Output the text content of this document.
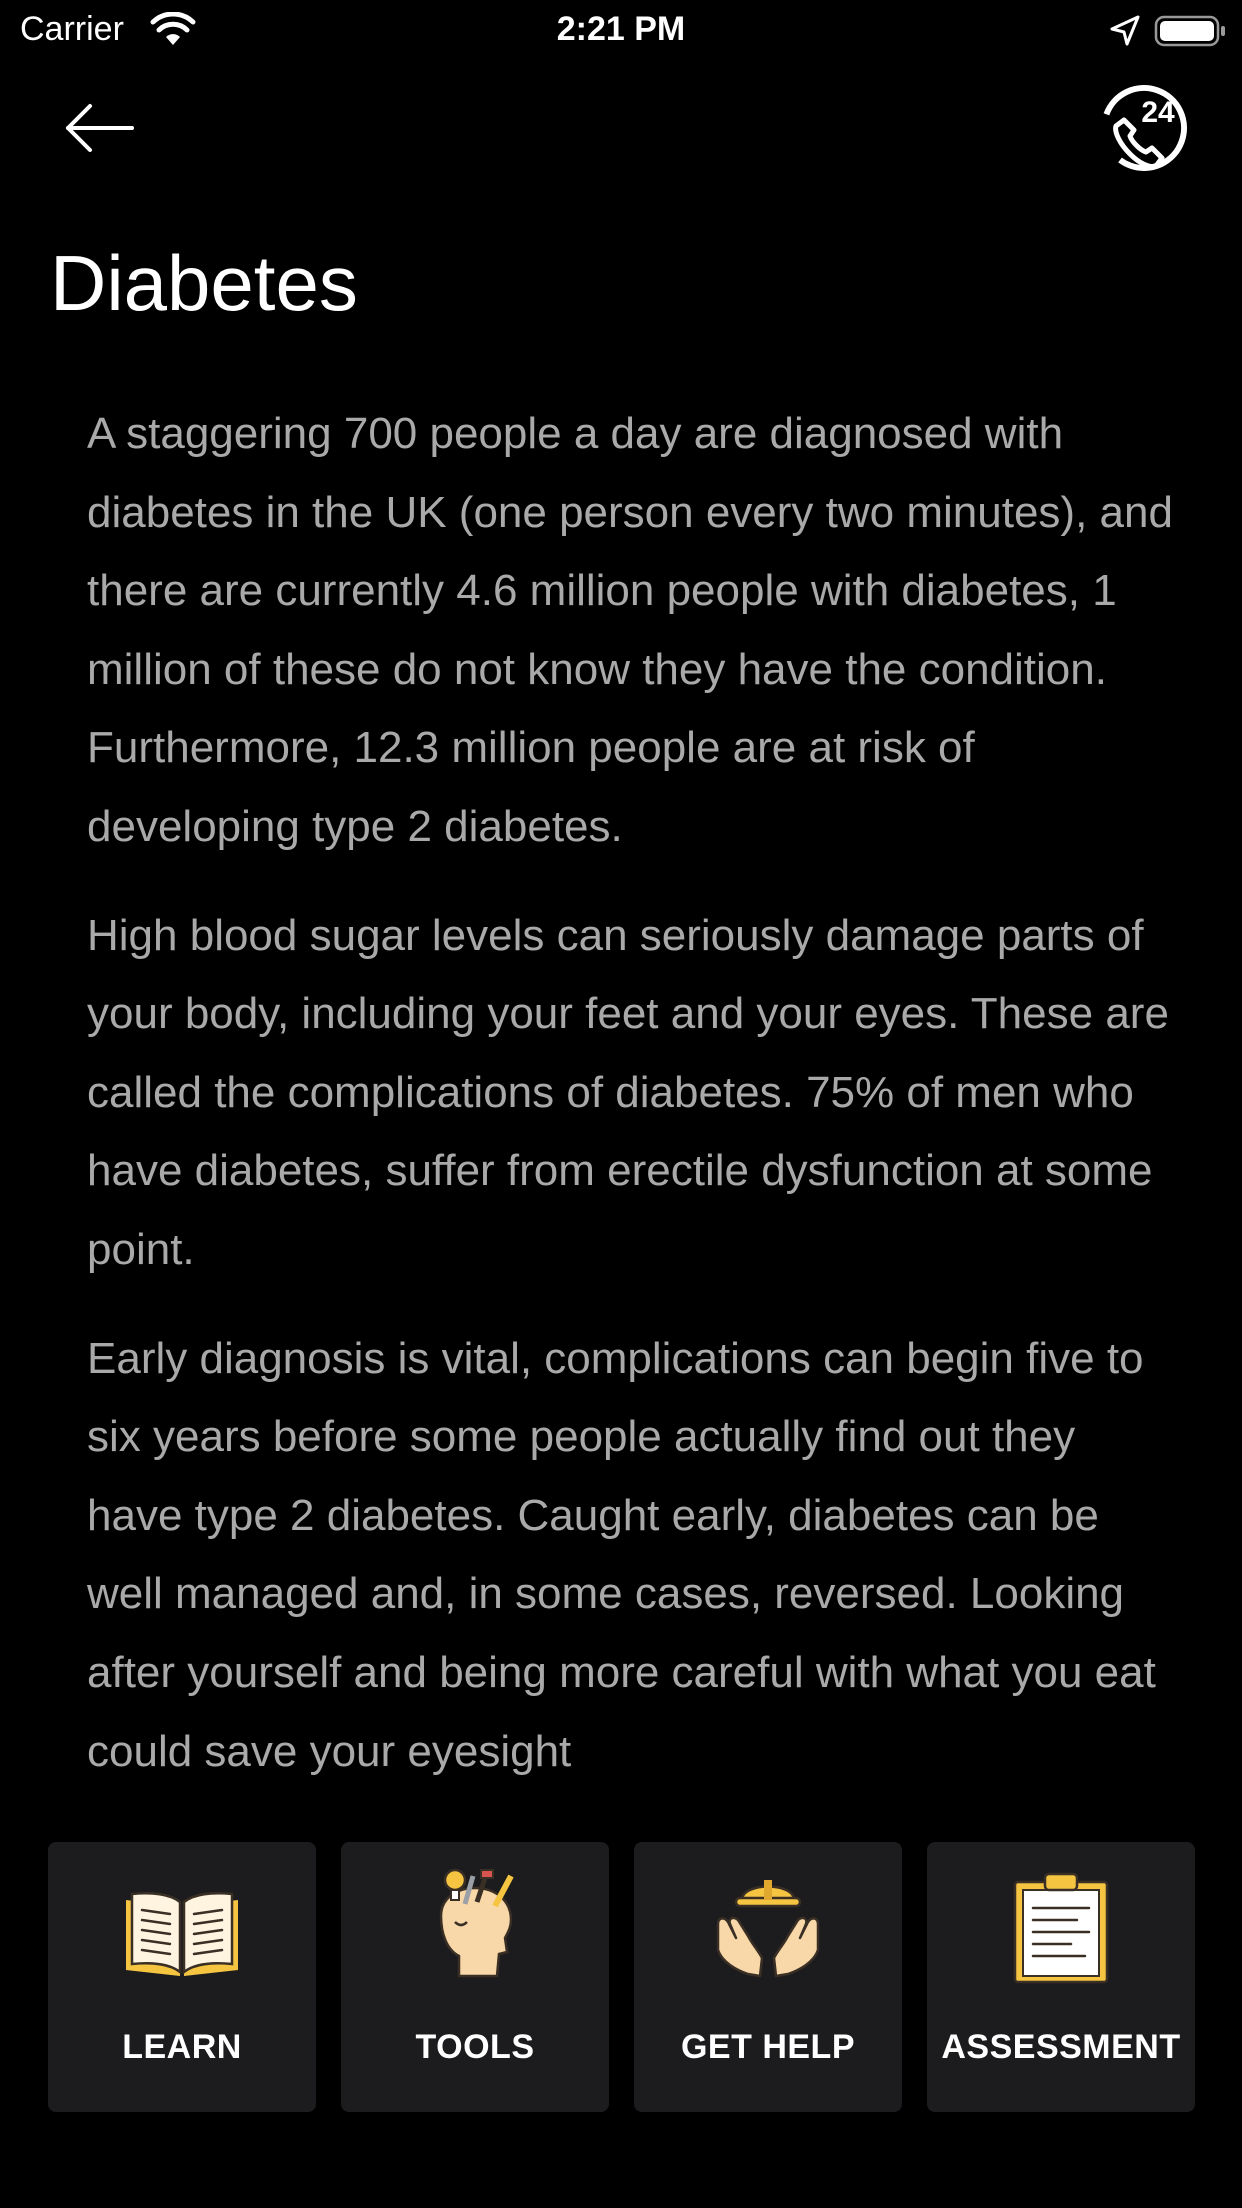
Carrier	2:21 PM
24
Diabetes

A staggering 700 people a day are diagnosed with diabetes in the UK (one person every two minutes), and there are currently 4.6 million people with diabetes, 1 million of these do not know they have the condition. Furthermore, 12.3 million people are at risk of developing type 2 diabetes.

High blood sugar levels can seriously damage parts of your body, including your feet and your eyes. These are called the complications of diabetes. 75% of men who have diabetes, suffer from erectile dysfunction at some point.

Early diagnosis is vital, complications can begin five to six years before some people actually find out they have type 2 diabetes. Caught early, diabetes can be well managed and, in some cases, reversed. Looking after yourself and being more careful with what you eat could save your eyesight

LEARN	TOOLS	GET HELP	ASSESSMENT
